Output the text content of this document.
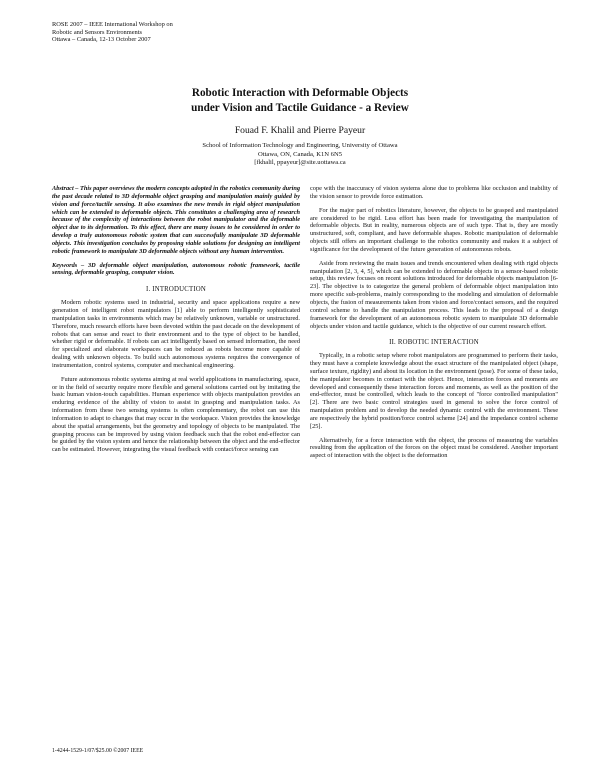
ROSE 2007 – IEEE International Workshop on
Robotic and Sensors Environments
Ottawa – Canada, 12-13 October 2007
Robotic Interaction with Deformable Objects
under Vision and Tactile Guidance - a Review
Fouad F. Khalil and Pierre Payeur
School of Information Technology and Engineering, University of Ottawa
Ottawa, ON, Canada, K1N 6N5
[fkhalil, ppayeur]@site.uottawa.ca

Abstract – This paper overviews the modern concepts adopted in the robotics community during the past decade related to 3D deformable object grasping and manipulation mainly guided by vision and force/tactile sensing. It also examines the new trends in rigid object manipulation which can be extended to deformable objects. This constitutes a challenging area of research because of the complexity of interactions between the robot manipulator and the deformable object due to its deformation. To this effect, there are many issues to be considered in order to develop a truly autonomous robotic system that can successfully manipulate 3D deformable objects. This investigation concludes by proposing viable solutions for designing an intelligent robotic framework to manipulate 3D deformable objects without any human intervention.

Keywords – 3D deformable object manipulation, autonomous robotic framework, tactile sensing, deformable grasping, computer vision.

I. INTRODUCTION

Modern robotic systems used in industrial, security and space applications require a new generation of intelligent robot manipulators [1] able to perform intelligently sophisticated manipulation tasks in environments which may be relatively unknown, variable or unstructured. Therefore, much research efforts have been devoted within the past decade on the development of robots that can sense and react to their environment and to the type of object to be handled, whether rigid or deformable. If robots can act intelligently based on sensed information, the need for specialized and elaborate workspaces can be reduced as robots become more capable of dealing with unknown objects. To build such autonomous systems requires the convergence of instrumentation, control systems, computer and mechanical engineering.

Future autonomous robotic systems aiming at real world applications in manufacturing, space, or in the field of security require more flexible and general solutions carried out by imitating the basic human vision-touch capabilities. Human experience with objects manipulation provides an enduring evidence of the ability of vision to assist in grasping and manipulation tasks. As information from these two sensing systems is often complementary, the robot can use this information to adapt to changes that may occur in the workspace. Vision provides the knowledge about the spatial arrangements, but the geometry and topology of objects to be manipulated. The grasping process can be improved by using vision feedback such that the robot end-effector can be guided by the vision system and hence the relationship between the object and the end-effector can be estimated. However, integrating the visual feedback with contact/force sensing can

cope with the inaccuracy of vision systems alone due to problems like occlusion and inability of the vision sensor to provide force estimation.

For the major part of robotics literature, however, the objects to be grasped and manipulated are considered to be rigid. Less effort has been made for investigating the manipulation of deformable objects. But in reality, numerous objects are of such type. That is, they are mostly unstructured, soft, compliant, and have deformable shapes. Robotic manipulation of deformable objects still offers an important challenge to the robotics community and makes it a subject of significance for the development of the future generation of autonomous robots.

Aside from reviewing the main issues and trends encountered when dealing with rigid objects manipulation [2, 3, 4, 5], which can be extended to deformable objects in a sensor-based robotic setup, this review focuses on recent solutions introduced for deformable objects manipulation [6-23]. The objective is to categorize the general problem of deformable object manipulation into more specific sub-problems, mainly corresponding to the modeling and simulation of deformable objects, the fusion of measurements taken from vision and force/contact sensors, and the required control scheme to handle the manipulation process. This leads to the proposal of a design framework for the development of an autonomous robotic system to manipulate 3D deformable objects under vision and tactile guidance, which is the objective of our current research effort.

II. ROBOTIC INTERACTION

Typically, in a robotic setup where robot manipulators are programmed to perform their tasks, they must have a complete knowledge about the exact structure of the manipulated object (shape, surface texture, rigidity) and about its location in the environment (pose). For some of these tasks, the manipulator becomes in contact with the object. Hence, interaction forces and moments are developed and consequently these interaction forces and moments, as well as the position of the end-effector, must be controlled, which leads to the concept of "force controlled manipulation" [2]. There are two basic control strategies used in general to solve the force control of manipulation problem and to develop the needed dynamic control with the environment. These are respectively the hybrid position/force control scheme [24] and the impedance control scheme [25].

Alternatively, for a force interaction with the object, the process of measuring the variables resulting from the application of the forces on the object must be considered. Another important aspect of interaction with the object is the deformation

1-4244-1529-1/07/$25.00 ©2007 IEEE
